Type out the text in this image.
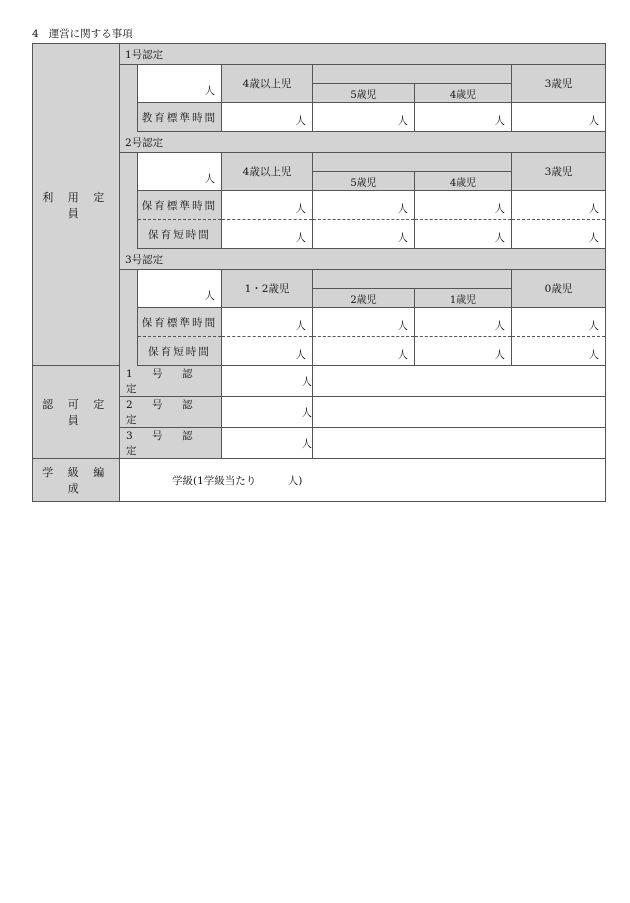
4 運営に関する事項
利 用 定 員	1号認定					
		人	4歳以上児			3歳児
				5歳児	4歳児	
		教育標準時間	人	人	人	人
	2号認定					
		人	4歳以上児			3歳児
				5歳児	4歳児	
		保育標準時間	人	人	人	人
		保育短時間	人	人	人	人
	3号認定					
		人	1・2歳児			0歳児
				2歳児	1歳児	
		保育標準時間	人	人	人	人
		保育短時間	人	人	人	人
認 可 定 員	1 号 認定		人			
	2 号 認定		人			
	3 号 認定		人			
学 級 編 成	学級(1学級当たり　　　人)					
